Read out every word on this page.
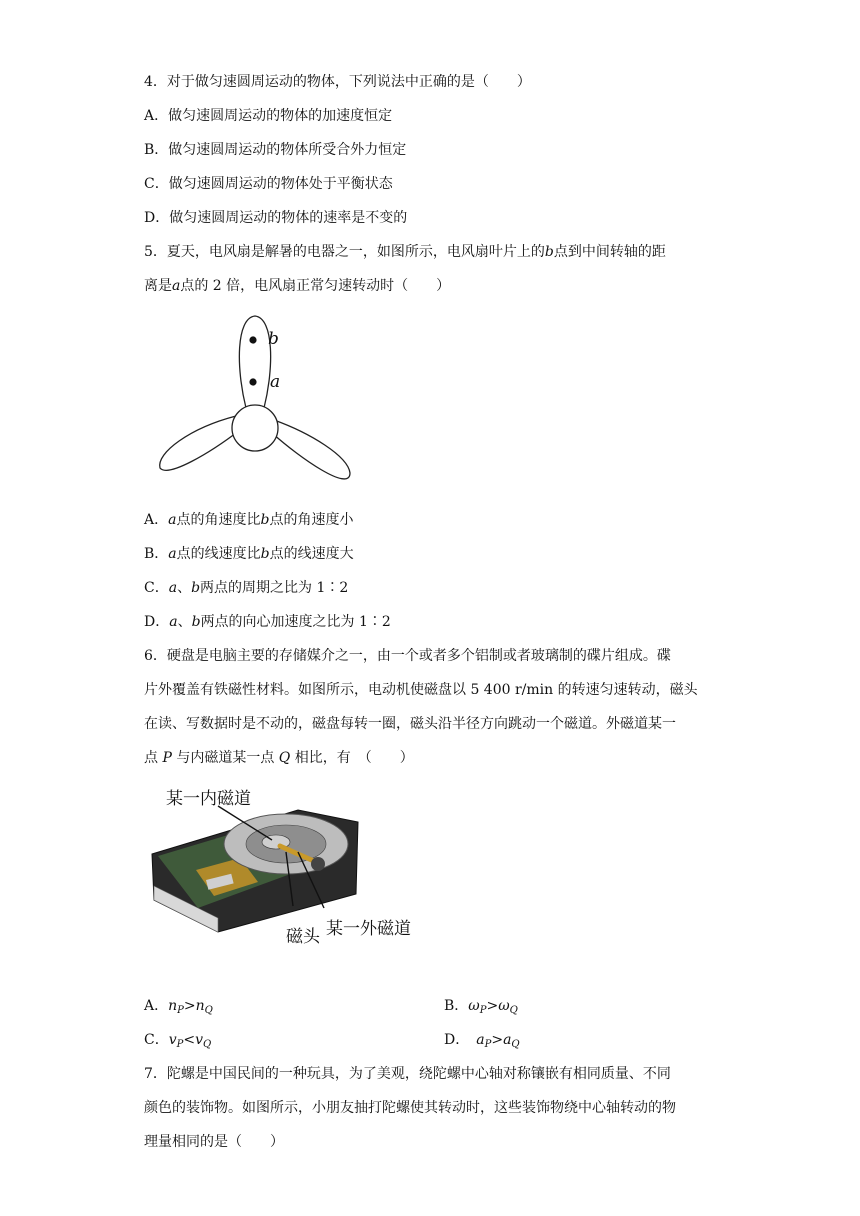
4．对于做匀速圆周运动的物体，下列说法中正确的是（　　）
A．做匀速圆周运动的物体的加速度恒定
B．做匀速圆周运动的物体所受合外力恒定
C．做匀速圆周运动的物体处于平衡状态
D．做匀速圆周运动的物体的速率是不变的
5．夏天，电风扇是解暑的电器之一，如图所示，电风扇叶片上的b点到中间转轴的距
离是a点的 2 倍，电风扇正常匀速转动时（　　）
b
a
A．a点的角速度比b点的角速度小
B．a点的线速度比b点的线速度大
C．a、b两点的周期之比为 1∶2
D．a、b两点的向心加速度之比为 1∶2
6．硬盘是电脑主要的存储媒介之一，由一个或者多个铝制或者玻璃制的碟片组成。碟
片外覆盖有铁磁性材料。如图所示，电动机使磁盘以 5 400 r/min 的转速匀速转动，磁头
在读、写数据时是不动的，磁盘每转一圈，磁头沿半径方向跳动一个磁道。外磁道某一
点 P 与内磁道某一点 Q 相比，有　（　　）
某一内磁道
磁头 某一外磁道
A．$n_P>n_Q$	B．$\omega_P>\omega_Q$
C．$v_P<v_Q$	D．　$a_P>a_Q$
7．陀螺是中国民间的一种玩具，为了美观，绕陀螺中心轴对称镶嵌有相同质量、不同
颜色的装饰物。如图所示，小朋友抽打陀螺使其转动时，这些装饰物绕中心轴转动的物
理量相同的是（　　）
